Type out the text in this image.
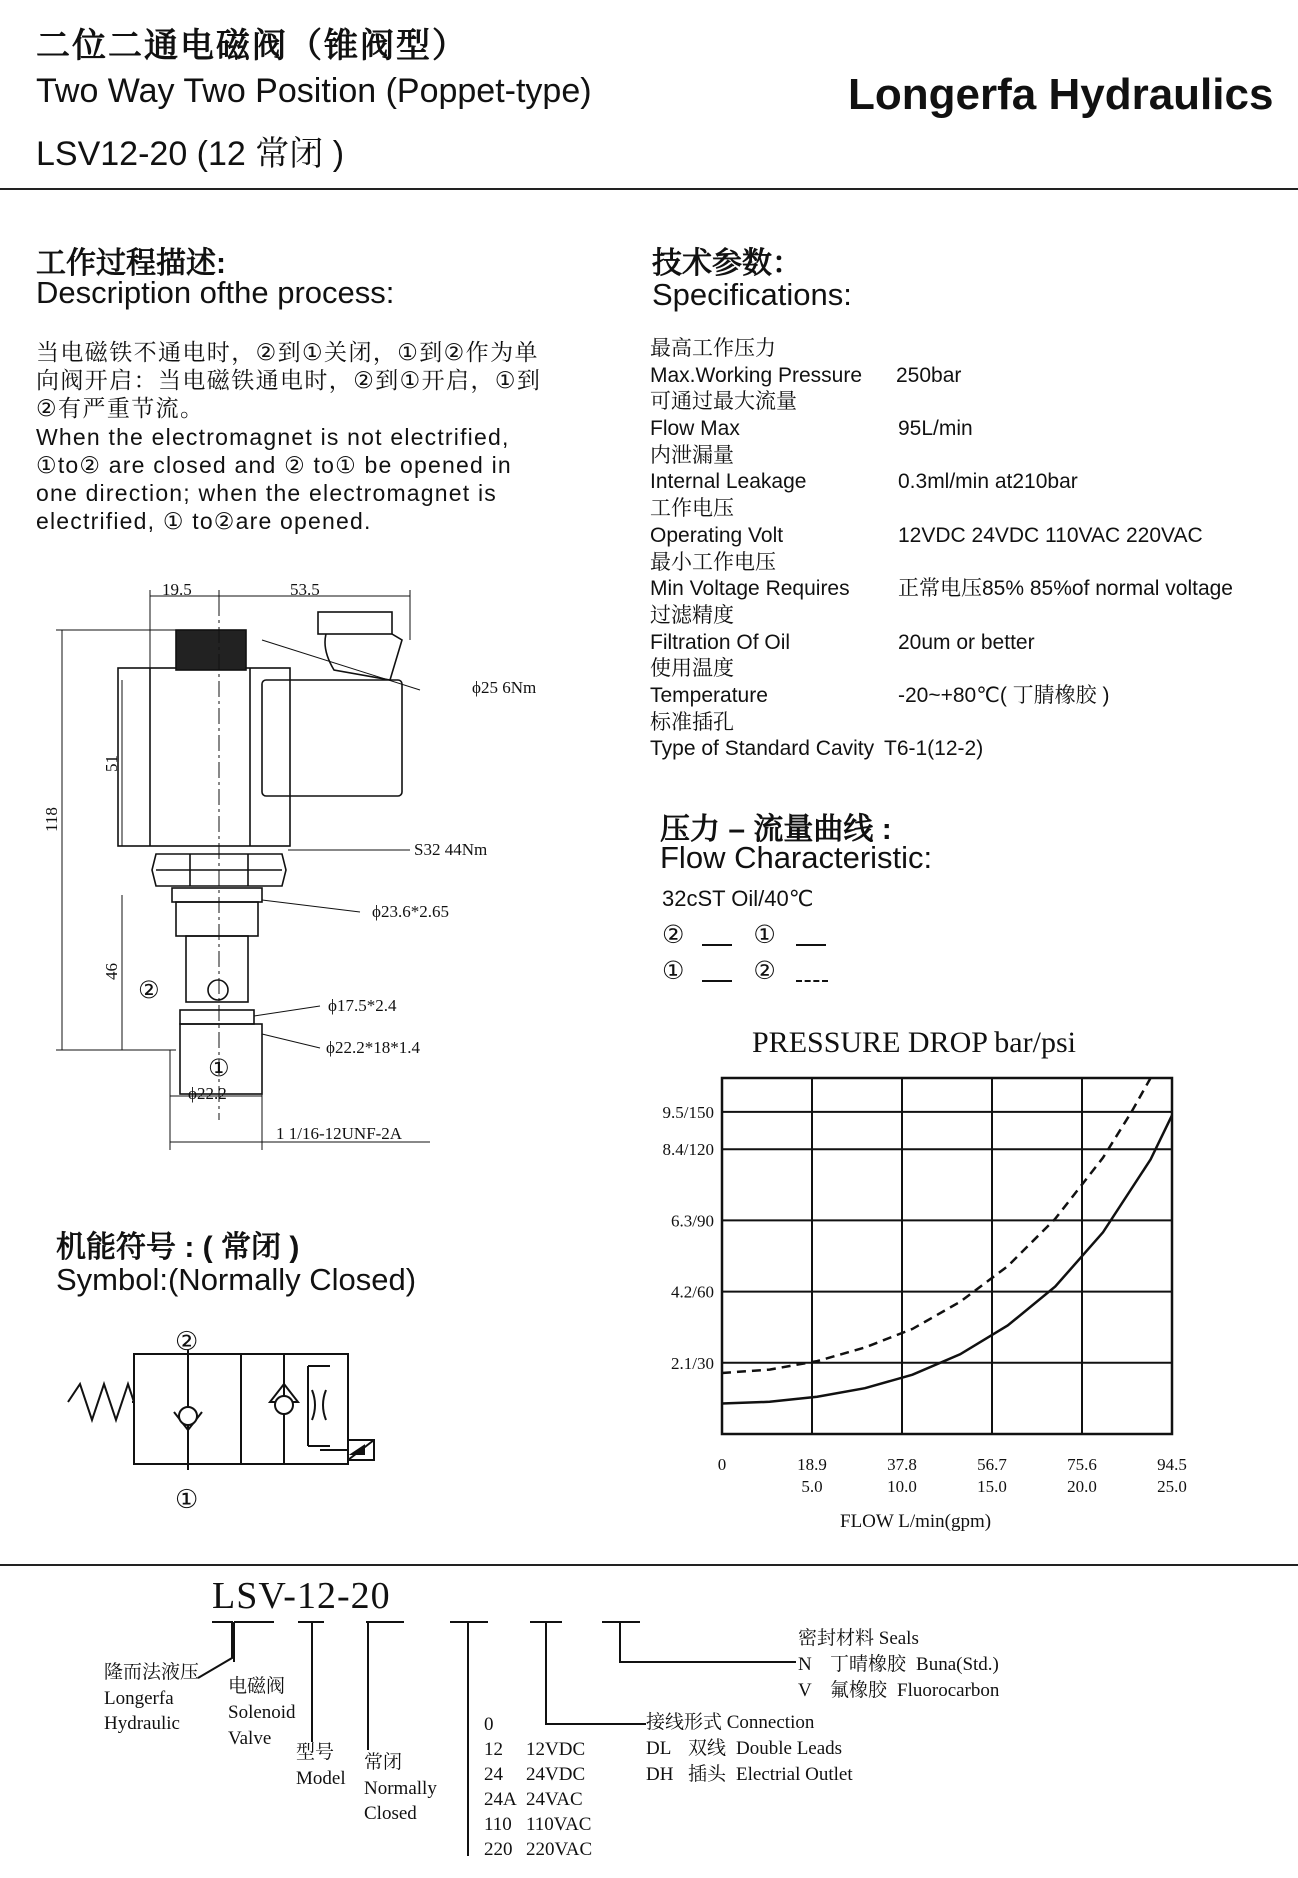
二位二通电磁阀（锥阀型）
Two Way Two Position (Poppet-type)
LSV12-20 (12 常闭 )
Longerfa Hydraulics
工作过程描述:
Description ofthe process:
当电磁铁不通电时，②到①关闭，①到②作为单向阀开启：当电磁铁通电时，②到①开启，①到②有严重节流。
When the electromagnet is not electrified, ①to② are closed and ② to① be opened in one direction; when the electromagnet is electrified, ① to②are opened.
技术参数：
Specifications:
最高工作压力
Max.Working Pressure 250bar
可通过最大流量
Flow Max	95L/min
内泄漏量
Internal Leakage	0.3ml/min at210bar
工作电压
Operating Volt	12VDC 24VDC 110VAC 220VAC
最小工作电压
Min Voltage Requires 正常电压85% 85%of normal voltage
过滤精度
Filtration Of Oil	20um or better
使用温度
Temperature	-20~+80℃( 丁腈橡胶 )
标准插孔
Type of Standard Cavity T6-1(12-2)
19.5	53.5
118
51
46
ϕ25 6Nm
S32 44Nm
ϕ23.6*2.65
ϕ17.5*2.4
ϕ22.2*18*1.4
ϕ22.2
1 1/16-12UNF-2A
②
①
压力 – 流量曲线 :
Flow Characteristic:
32cST Oil/40℃
②	①
①	②
PRESSURE DROP bar/psi
2.1/30
4.2/60
6.3/90
8.4/120
9.5/150
0	18.9
5.0
37.8
10.0
56.7
15.0
75.6
20.0
94.5
25.0
FLOW L/min(gpm)
机能符号 : ( 常闭 )
Symbol:(Normally Closed)
②
①
LSV-12-20
隆而法液压
Longerfa
Hydraulic
电磁阀
Solenoid
Valve
型号
Model
常闭
Normally
Closed
0
12 12VDC
24 24VDC
24A 24VAC
110 110VAC
220 220VAC
接线形式 Connection
DL 双线 Double Leads
DH 插头 Electrial Outlet
密封材料 Seals
N 丁晴橡胶 Buna(Std.)
V 氟橡胶 Fluorocarbon
